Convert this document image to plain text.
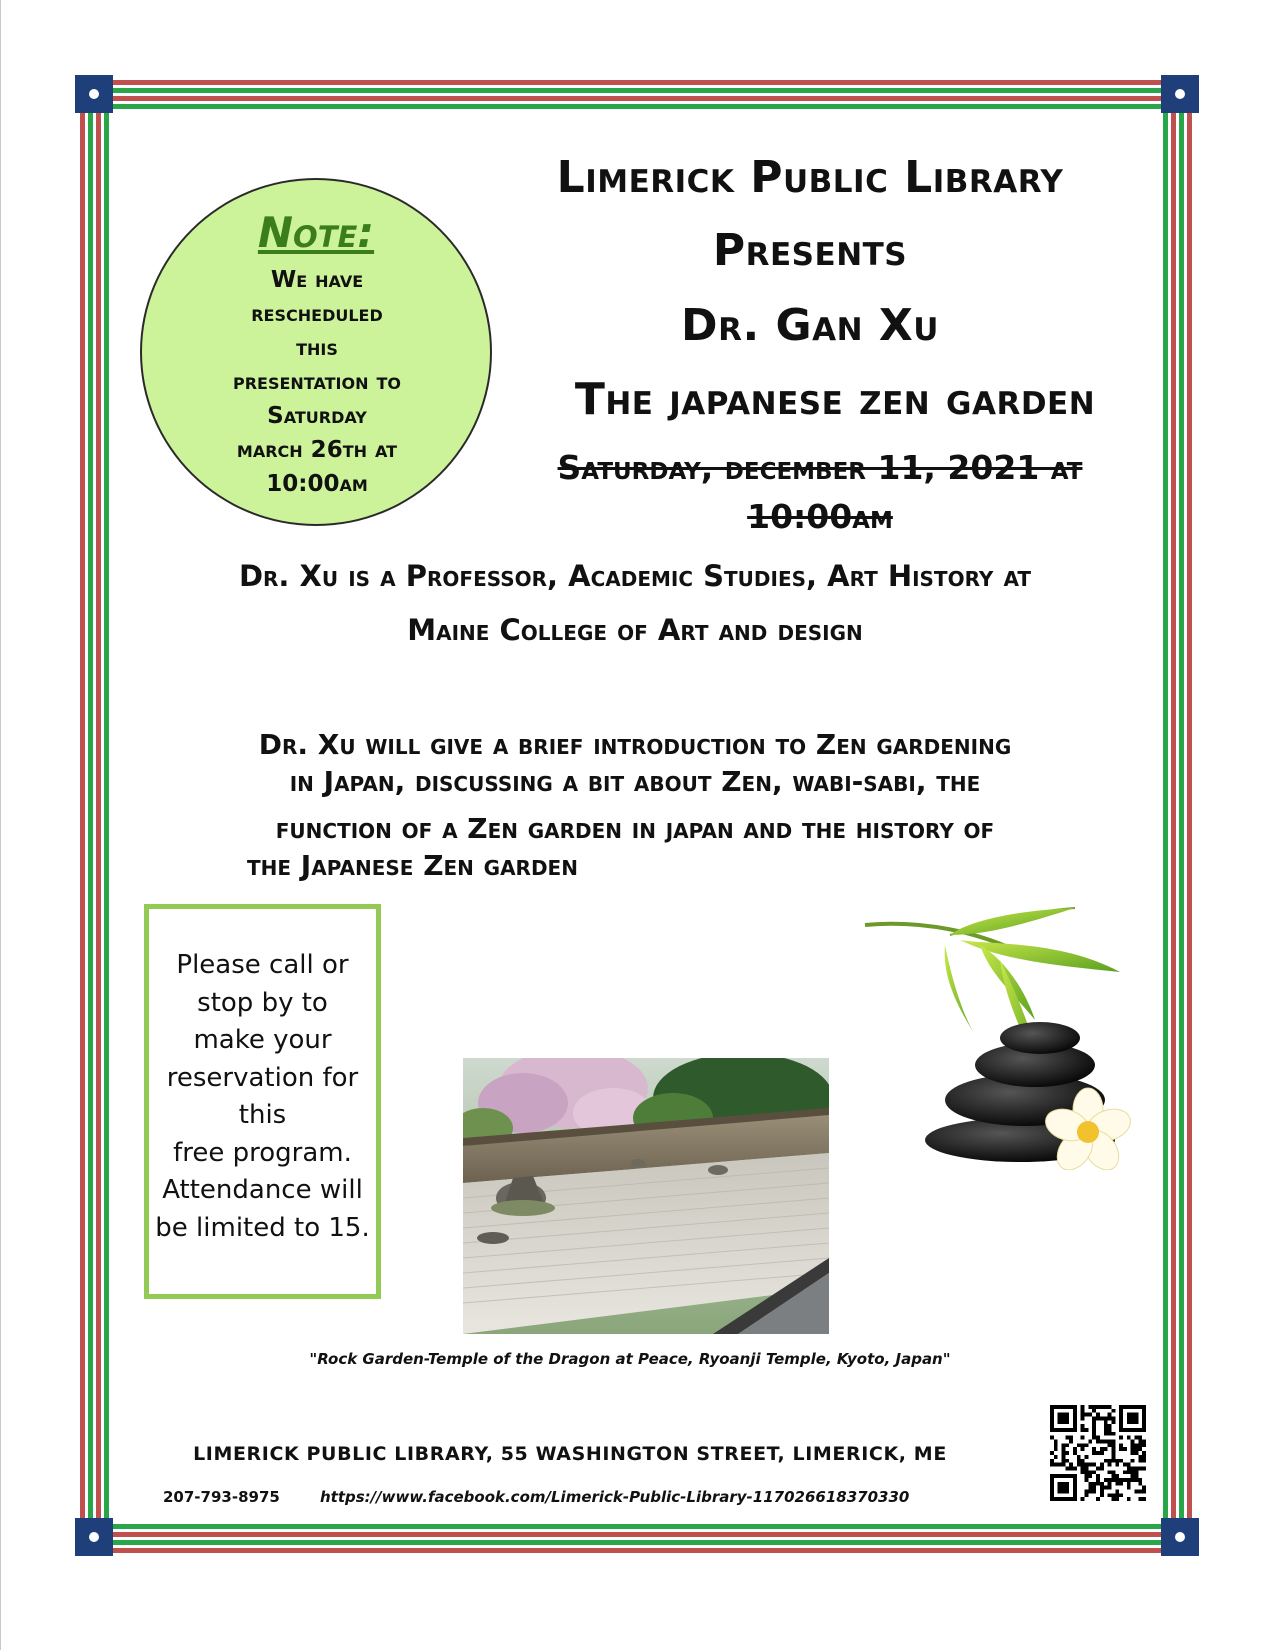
Limerick Public Library
Presents
Dr. Gan Xu
The japanese zen garden
Note:
We have
rescheduled
this
presentation to
Saturday
march 26th at
10:00am	Saturday, december 11, 2021 at
10:00am
Dr. Xu is a Professor, Academic Studies, Art History at
Maine College of Art and design
Dr. Xu will give a brief introduction to Zen gardening
in Japan, discussing a bit about Zen, wabi-sabi, the
function of a Zen garden in japan and the history of
the Japanese Zen garden
Please call or
stop by to
make your
reservation for
this
free program.
Attendance will
be limited to 15.
"Rock Garden-Temple of the Dragon at Peace, Ryoanji Temple, Kyoto, Japan"
LIMERICK PUBLIC LIBRARY, 55 WASHINGTON STREET, LIMERICK, ME
207-793-8975	https://www.facebook.com/Limerick-Public-Library-117026618370330
